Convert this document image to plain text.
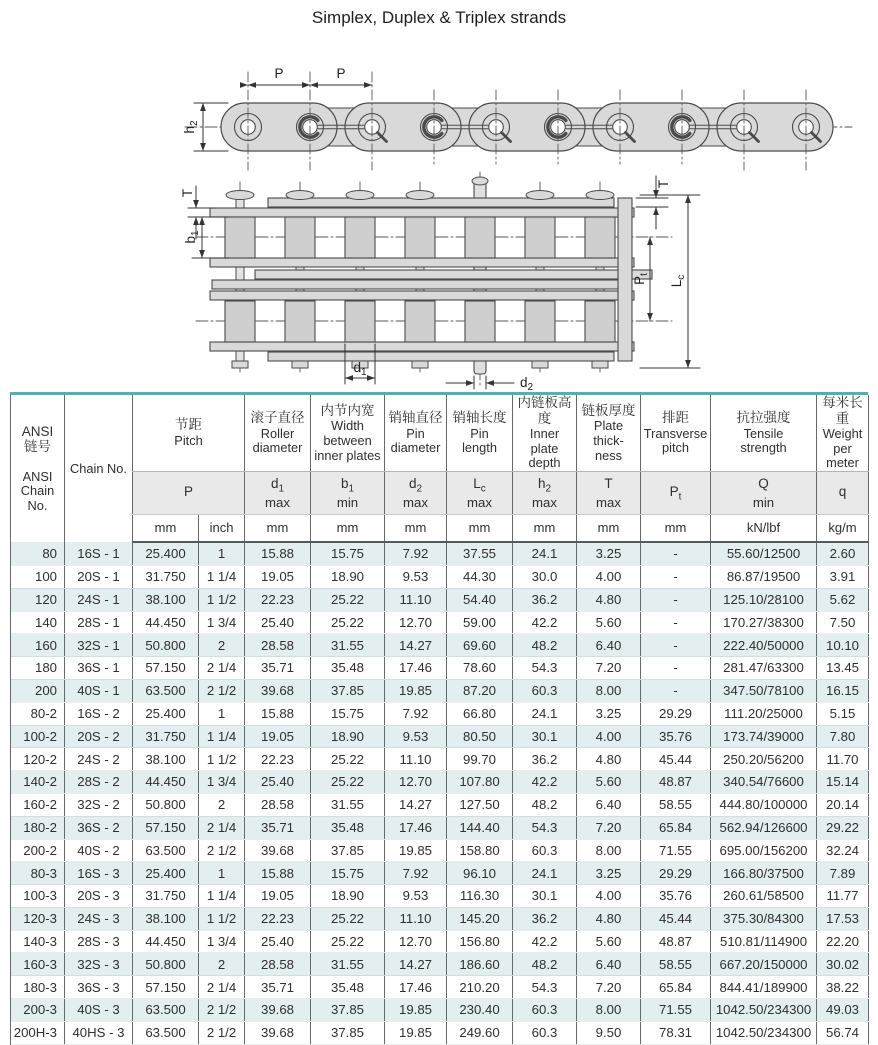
Simplex, Duplex & Triplex strands
P	P
$h_2$
T
$b_1$
$d_1$
$d_2$
$P_t$
$L_c$
T
ANSI
链号
ANSI
Chain
No.

Chain No.

节距
Pitch

滚子直径
Roller
diameter

内节内宽
Width
between
inner plates

销轴直径
Pin
diameter

销轴长度
Pin
length

内链板高度
Inner
plate
depth

链板厚度
Plate
thick-
ness

排距
Transverse
pitch

抗拉强度
Tensile
strength

每米长重
Weight
per
meter

P

$d_1$
max

$b_1$
min

$d_2$
max

$L_c$
max

$h_2$
max

T
max

$P_t$

Q
min

q

		mm	inch	mm	mm	mm	mm	mm	mm	mm	kN/lbf	kg/m
80	16S - 1	25.400	1	15.88	15.75	7.92	37.55	24.1	3.25	-	55.60/12500	2.60
100	20S - 1	31.750	1 1/4	19.05	18.90	9.53	44.30	30.0	4.00	-	86.87/19500	3.91
120	24S - 1	38.100	1 1/2	22.23	25.22	11.10	54.40	36.2	4.80	-	125.10/28100	5.62
140	28S - 1	44.450	1 3/4	25.40	25.22	12.70	59.00	42.2	5.60	-	170.27/38300	7.50
160	32S - 1	50.800	2	28.58	31.55	14.27	69.60	48.2	6.40	-	222.40/50000	10.10
180	36S - 1	57.150	2 1/4	35.71	35.48	17.46	78.60	54.3	7.20	-	281.47/63300	13.45
200	40S - 1	63.500	2 1/2	39.68	37.85	19.85	87.20	60.3	8.00	-	347.50/78100	16.15
80-2	16S - 2	25.400	1	15.88	15.75	7.92	66.80	24.1	3.25	29.29	111.20/25000	5.15
100-2	20S - 2	31.750	1 1/4	19.05	18.90	9.53	80.50	30.1	4.00	35.76	173.74/39000	7.80
120-2	24S - 2	38.100	1 1/2	22.23	25.22	11.10	99.70	36.2	4.80	45.44	250.20/56200	11.70
140-2	28S - 2	44.450	1 3/4	25.40	25.22	12.70	107.80	42.2	5.60	48.87	340.54/76600	15.14
160-2	32S - 2	50.800	2	28.58	31.55	14.27	127.50	48.2	6.40	58.55	444.80/100000	20.14
180-2	36S - 2	57.150	2 1/4	35.71	35.48	17.46	144.40	54.3	7.20	65.84	562.94/126600	29.22
200-2	40S - 2	63.500	2 1/2	39.68	37.85	19.85	158.80	60.3	8.00	71.55	695.00/156200	32.24
80-3	16S - 3	25.400	1	15.88	15.75	7.92	96.10	24.1	3.25	29.29	166.80/37500	7.89
100-3	20S - 3	31.750	1 1/4	19.05	18.90	9.53	116.30	30.1	4.00	35.76	260.61/58500	11.77
120-3	24S - 3	38.100	1 1/2	22.23	25.22	11.10	145.20	36.2	4.80	45.44	375.30/84300	17.53
140-3	28S - 3	44.450	1 3/4	25.40	25.22	12.70	156.80	42.2	5.60	48.87	510.81/114900	22.20
160-3	32S - 3	50.800	2	28.58	31.55	14.27	186.60	48.2	6.40	58.55	667.20/150000	30.02
180-3	36S - 3	57.150	2 1/4	35.71	35.48	17.46	210.20	54.3	7.20	65.84	844.41/189900	38.22
200-3	40S - 3	63.500	2 1/2	39.68	37.85	19.85	230.40	60.3	8.00	71.55	1042.50/234300	49.03
200H-3	40HS - 3	63.500	2 1/2	39.68	37.85	19.85	249.60	60.3	9.50	78.31	1042.50/234300	56.74
